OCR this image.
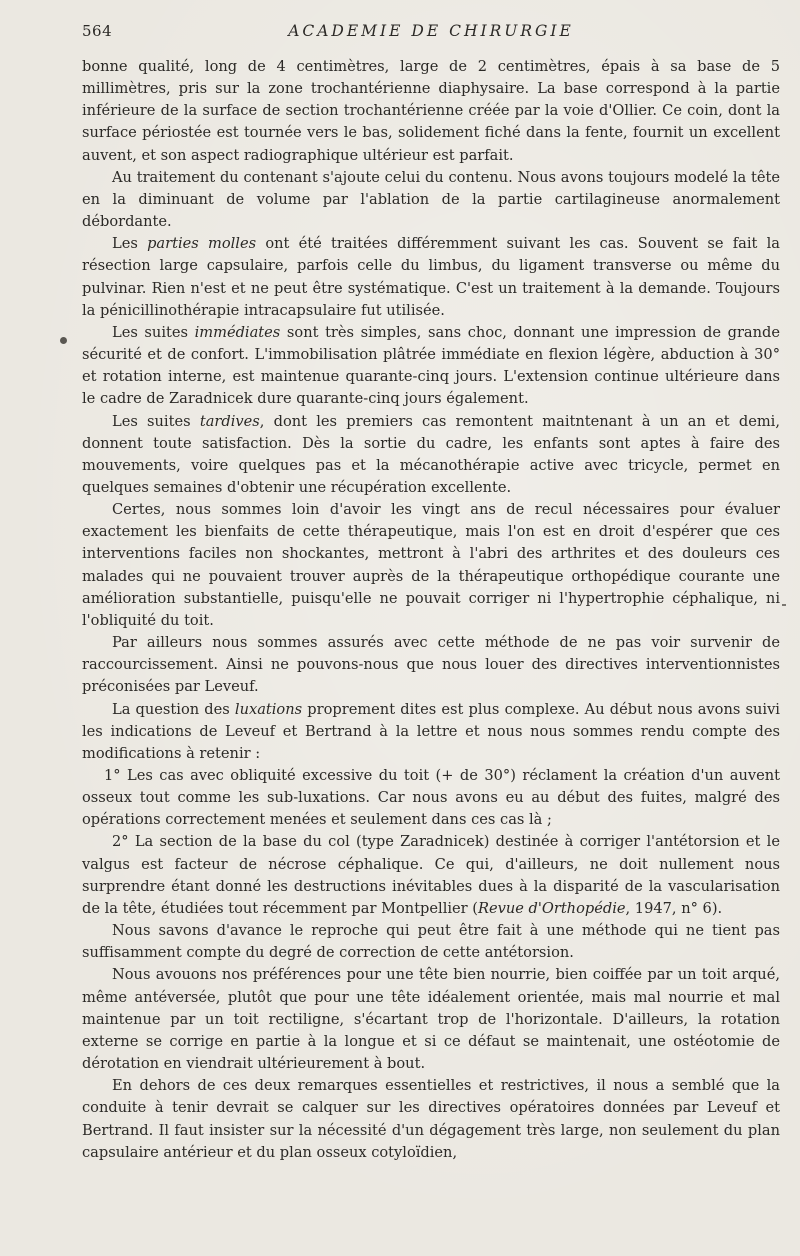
564	ACADEMIE DE CHIRURGIE

bonne qualité, long de 4 centimètres, large de 2 centimètres, épais à sa base de 5 millimètres, pris sur la zone trochantérienne diaphysaire. La base correspond à la partie inférieure de la surface de section trochantérienne créée par la voie d'Ollier. Ce coin, dont la surface périostée est tournée vers le bas, solidement fiché dans la fente, fournit un excellent auvent, et son aspect radiographique ultérieur est parfait.

Au traitement du contenant s'ajoute celui du contenu. Nous avons toujours modelé la tête en la diminuant de volume par l'ablation de la partie cartilagineuse anormalement débordante.

Les parties molles ont été traitées différemment suivant les cas. Souvent se fait la résection large capsulaire, parfois celle du limbus, du ligament transverse ou même du pulvinar. Rien n'est et ne peut être systématique. C'est un traitement à la demande. Toujours la pénicillinothérapie intracapsulaire fut utilisée.

Les suites immédiates sont très simples, sans choc, donnant une impression de grande sécurité et de confort. L'immobilisation plâtrée immédiate en flexion légère, abduction à 30° et rotation interne, est maintenue quarante-cinq jours. L'extension continue ultérieure dans le cadre de Zaradnicek dure quarante-cinq jours également.

Les suites tardives, dont les premiers cas remontent maitntenant à un an et demi, donnent toute satisfaction. Dès la sortie du cadre, les enfants sont aptes à faire des mouvements, voire quelques pas et la mécanothérapie active avec tricycle, permet en quelques semaines d'obtenir une récupération excellente.

Certes, nous sommes loin d'avoir les vingt ans de recul nécessaires pour évaluer exactement les bienfaits de cette thérapeutique, mais l'on est en droit d'espérer que ces interventions faciles non shockantes, mettront à l'abri des arthrites et des douleurs ces malades qui ne pouvaient trouver auprès de la thérapeutique orthopédique courante une amélioration substantielle, puisqu'elle ne pouvait corriger ni l'hypertrophie céphalique, ni l'obliquité du toit.

Par ailleurs nous sommes assurés avec cette méthode de ne pas voir survenir de raccourcissement. Ainsi ne pouvons-nous que nous louer des directives interventionnistes préconisées par Leveuf.

La question des luxations proprement dites est plus complexe. Au début nous avons suivi les indications de Leveuf et Bertrand à la lettre et nous nous sommes rendu compte des modifications à retenir :

1° Les cas avec obliquité excessive du toit (+ de 30°) réclament la création d'un auvent osseux tout comme les sub-luxations. Car nous avons eu au début des fuites, malgré des opérations correctement menées et seulement dans ces cas là ;

2° La section de la base du col (type Zaradnicek) destinée à corriger l'antétorsion et le valgus est facteur de nécrose céphalique. Ce qui, d'ailleurs, ne doit nullement nous surprendre étant donné les destructions inévitables dues à la disparité de la vascularisation de la tête, étudiées tout récemment par Montpellier (Revue d'Orthopédie, 1947, n° 6).

Nous savons d'avance le reproche qui peut être fait à une méthode qui ne tient pas suffisamment compte du degré de correction de cette antétorsion.

Nous avouons nos préférences pour une tête bien nourrie, bien coiffée par un toit arqué, même antéversée, plutôt que pour une tête idéalement orientée, mais mal nourrie et mal maintenue par un toit rectiligne, s'écartant trop de l'horizontale. D'ailleurs, la rotation externe se corrige en partie à la longue et si ce défaut se maintenait, une ostéotomie de dérotation en viendrait ultérieurement à bout.

En dehors de ces deux remarques essentielles et restrictives, il nous a semblé que la conduite à tenir devrait se calquer sur les directives opératoires données par Leveuf et Bertrand. Il faut insister sur la nécessité d'un dégagement très large, non seulement du plan capsulaire antérieur et du plan osseux cotyloïdien,
